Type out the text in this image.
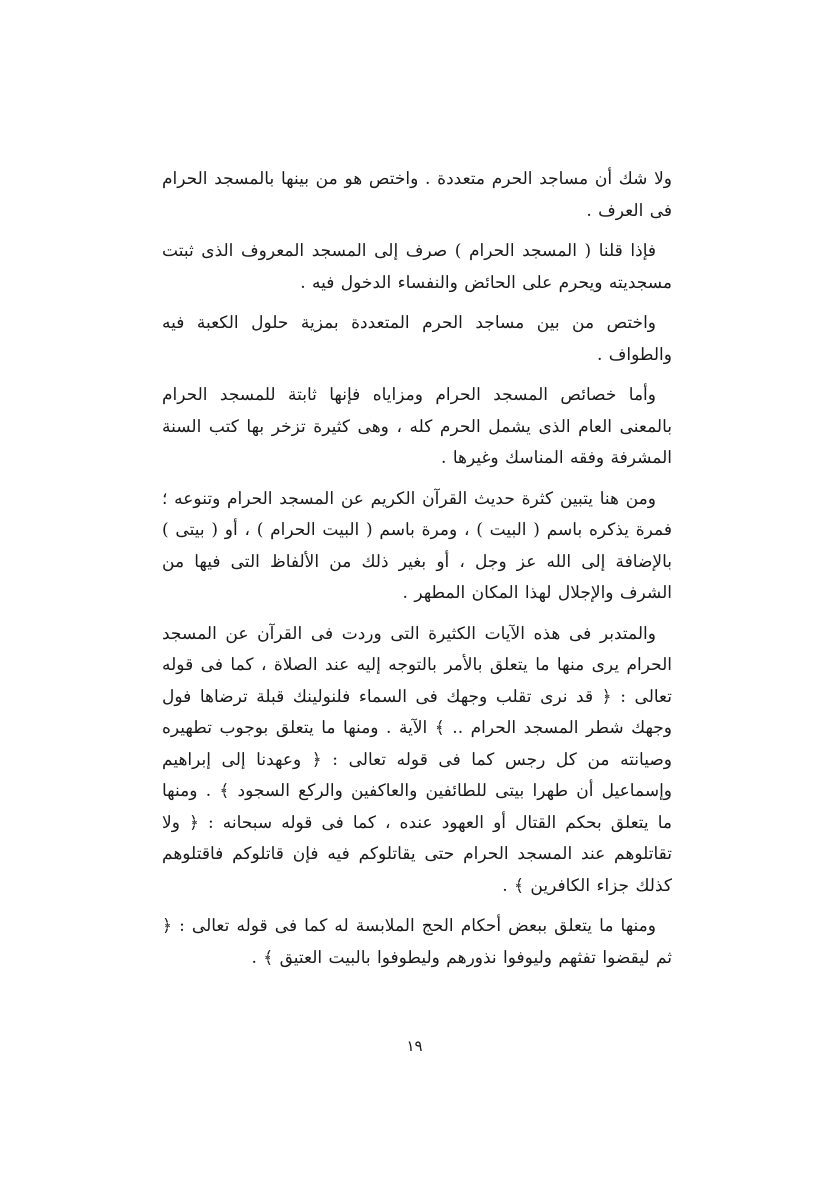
ولا شك أن مساجد الحرم متعددة . واختص هو من بينها بالمسجد الحرام فى العرف .

فإذا قلنا ( المسجد الحرام ) صرف إلى المسجد المعروف الذى ثبتت مسجديته ويحرم على الحائض والنفساء الدخول فيه .

واختص من بين مساجد الحرم المتعددة بمزية حلول الكعبة فيه والطواف .

وأما خصائص المسجد الحرام ومزاياه فإنها ثابتة للمسجد الحرام بالمعنى العام الذى يشمل الحرم كله ، وهى كثيرة تزخر بها كتب السنة المشرفة وفقه المناسك وغيرها .

ومن هنا يتبين كثرة حديث القرآن الكريم عن المسجد الحرام وتنوعه ؛ فمرة يذكره باسم ( البيت ) ، ومرة باسم ( البيت الحرام ) ، أو ( بيتى ) بالإضافة إلى الله عز وجل ، أو بغير ذلك من الألفاظ التى فيها من الشرف والإجلال لهذا المكان المطهر .

والمتدبر فى هذه الآيات الكثيرة التى وردت فى القرآن عن المسجد الحرام يرى منها ما يتعلق بالأمر بالتوجه إليه عند الصلاة ، كما فى قوله تعالى : ﴿ قد نرى تقلب وجهك فى السماء فلنولينك قبلة ترضاها فول وجهك شطر المسجد الحرام .. ﴾ الآية . ومنها ما يتعلق بوجوب تطهيره وصيانته من كل رجس كما فى قوله تعالى : ﴿ وعهدنا إلى إبراهيم وإسماعيل أن طهرا بيتى للطائفين والعاكفين والركع السجود ﴾ . ومنها ما يتعلق بحكم القتال أو العهود عنده ، كما فى قوله سبحانه : ﴿ ولا تقاتلوهم عند المسجد الحرام حتى يقاتلوكم فيه فإن قاتلوكم فاقتلوهم كذلك جزاء الكافرين ﴾ .

ومنها ما يتعلق ببعض أحكام الحج الملابسة له كما فى قوله تعالى : ﴿ ثم ليقضوا تفثهم وليوفوا نذورهم وليطوفوا بالبيت العتيق ﴾ .

١٩
